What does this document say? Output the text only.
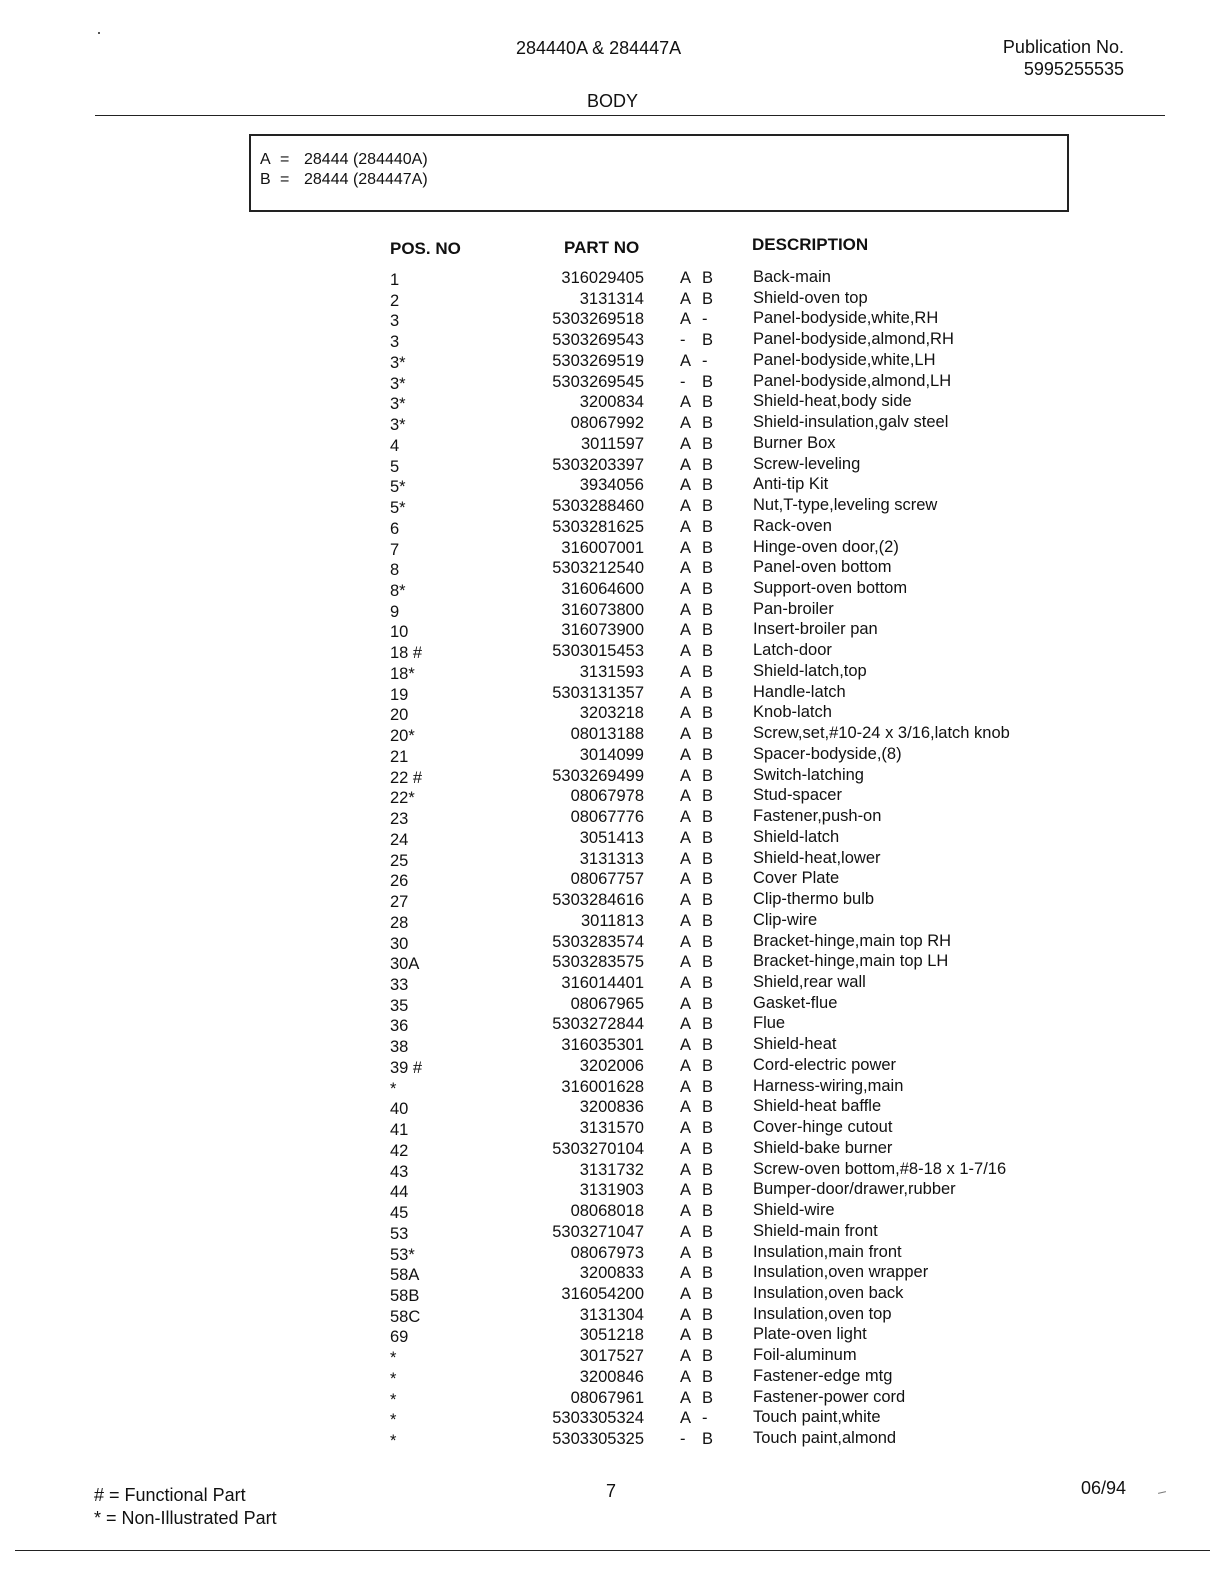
284440A & 284447A	Publication No.
5995255535
BODY
A = 28444 (284440A)
B = 28444 (284447A)
POS. NO	PART NO	DESCRIPTION
1	316029405 A B Back-main
2	3131314 A B Shield-oven top
3	5303269518 A -	Panel-bodyside,white,RH
3	5303269543 - B Panel-bodyside,almond,RH
3*	5303269519 A -	Panel-bodyside,white,LH
3*	5303269545 - B Panel-bodyside,almond,LH
3*	3200834 A B Shield-heat,body side
3*	08067992 A B Shield-insulation,galv steel
4	3011597 A B Burner Box
5	5303203397 A B Screw-leveling
5*	3934056 A B Anti-tip Kit
5*	5303288460 A B Nut,T-type,leveling screw
6	5303281625 A B Rack-oven
7	316007001 A B Hinge-oven door,(2)
8	5303212540 A B Panel-oven bottom
8*	316064600 A B Support-oven bottom
9	316073800 A B Pan-broiler
10	316073900 A B Insert-broiler pan
18 #	5303015453 A B Latch-door
18*	3131593 A B Shield-latch,top
19	5303131357 A B Handle-latch
20	3203218 A B Knob-latch
20*	08013188 A B Screw,set,#10-24 x 3/16,latch knob
21	3014099 A B Spacer-bodyside,(8)
22 #	5303269499 A B Switch-latching
22*	08067978 A B Stud-spacer
23	08067776 A B Fastener,push-on
24	3051413 A B Shield-latch
25	3131313 A B Shield-heat,lower
26	08067757 A B Cover Plate
27	5303284616 A B Clip-thermo bulb
28	3011813 A B Clip-wire
30	5303283574 A B Bracket-hinge,main top RH
30A	5303283575 A B Bracket-hinge,main top LH
33	316014401 A B Shield,rear wall
35	08067965 A B Gasket-flue
36	5303272844 A B Flue
38	316035301 A B Shield-heat
39 #	3202006 A B Cord-electric power
*	316001628 A B Harness-wiring,main
40	3200836 A B Shield-heat baffle
41	3131570 A B Cover-hinge cutout
42	5303270104 A B Shield-bake burner
43	3131732 A B Screw-oven bottom,#8-18 x 1-7/16
44	3131903 A B Bumper-door/drawer,rubber
45	08068018 A B Shield-wire
53	5303271047 A B Shield-main front
53*	08067973 A B Insulation,main front
58A	3200833 A B Insulation,oven wrapper
58B	316054200 A B Insulation,oven back
58C	3131304 A B Insulation,oven top
69	3051218 A B Plate-oven light
*	3017527 A B Foil-aluminum
*	3200846 A B Fastener-edge mtg
*	08067961 A B Fastener-power cord
*	5303305324 A -	Touch paint,white
*	5303305325 - B Touch paint,almond
# = Functional Part
* = Non-Illustrated Part
7	06/94
